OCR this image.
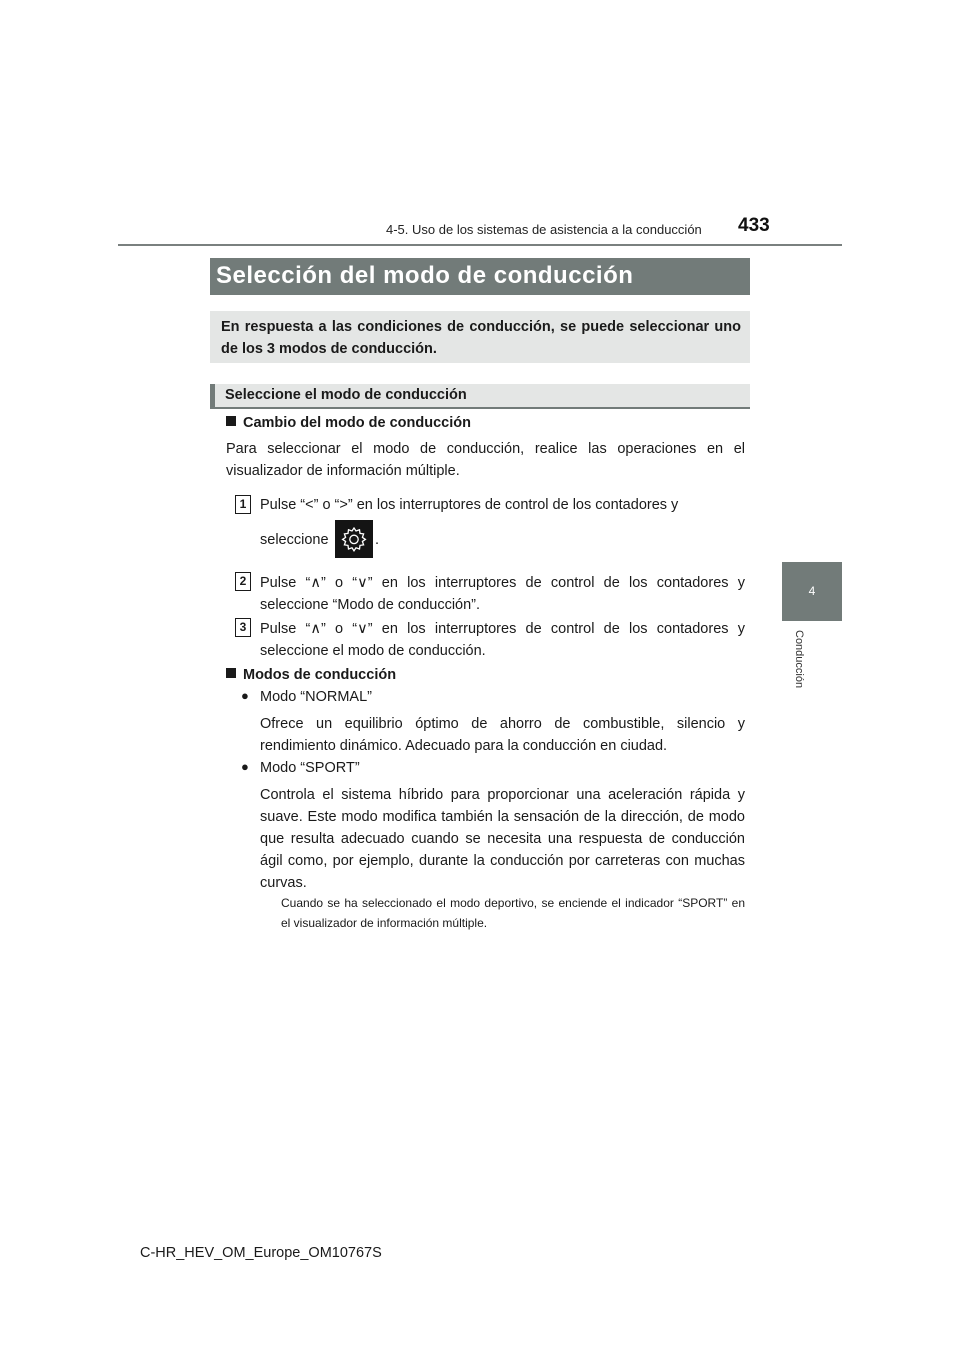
4-5. Uso de los sistemas de asistencia a la conducción 433
4
Conducción
Selección del modo de conducción
En respuesta a las condiciones de conducción, se puede seleccionar uno de los 3 modos de conducción.
Seleccione el modo de conducción
Cambio del modo de conducción
Para seleccionar el modo de conducción, realice las operaciones en el visualizador de información múltiple.
1 Pulse “<” o “>” en los interruptores de control de los contadores y
seleccione	.
2 Pulse “∧” o “∨” en los interruptores de control de los contadores y seleccione “Modo de conducción”.
3 Pulse “∧” o “∨” en los interruptores de control de los contadores y seleccione el modo de conducción.
Modos de conducción
● Modo “NORMAL”
Ofrece un equilibrio óptimo de ahorro de combustible, silencio y rendimiento dinámico. Adecuado para la conducción en ciudad.
● Modo “SPORT”
Controla el sistema híbrido para proporcionar una aceleración rápida y suave. Este modo modifica también la sensación de la dirección, de modo que resulta adecuado cuando se necesita una respuesta de conducción ágil como, por ejemplo, durante la conducción por carreteras con muchas curvas.
Cuando se ha seleccionado el modo deportivo, se enciende el indicador “SPORT” en el visualizador de información múltiple.
C-HR_HEV_OM_Europe_OM10767S
